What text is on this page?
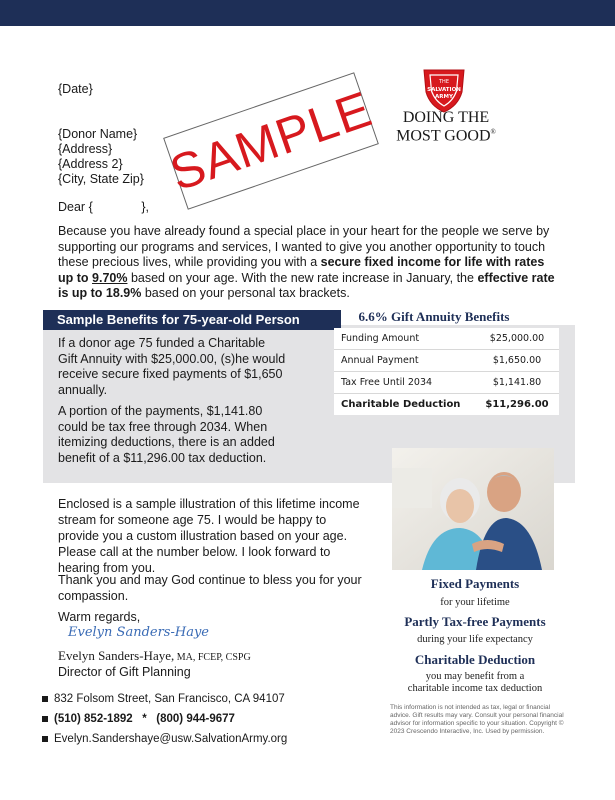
{Date}
{Donor Name}
{Address}
{Address 2}
{City, State Zip}
Dear {              },
SAMPLE	THE
SALVATION
ARMY
DOING THE
MOST GOOD®
Because you have already found a special place in your heart for the people we serve by supporting our programs and services, I wanted to give you another opportunity to touch these precious lives, while providing you with a secure fixed income for life with rates up to 9.70% based on your age. With the new rate increase in January, the effective rate is up to 18.9% based on your personal tax brackets.
Sample Benefits for 75-year-old Person
If a donor age 75 funded a Charitable Gift Annuity with $25,000.00, (s)he would receive secure fixed payments of $1,650 annually.
A portion of the payments, $1,141.80 could be tax free through 2034. When itemizing deductions, there is an added benefit of a $11,296.00 tax deduction.
6.6% Gift Annuity Benefits
Funding Amount	$25,000.00
Annual Payment	$1,650.00
Tax Free Until 2034	$1,141.80
Charitable Deduction	$11,296.00
Fixed Payments
for your lifetime
Partly Tax-free Payments
during your life expectancy
Charitable Deduction
you may benefit from a charitable income tax deduction
This information is not intended as tax, legal or financial advice. Gift results may vary. Consult your personal financial advisor for information specific to your situation. Copyright © 2023 Crescendo Interactive, Inc. Used by permission.
Enclosed is a sample illustration of this lifetime income stream for someone age 75. I would be happy to provide you a custom illustration based on your age. Please call at the number below. I look forward to hearing from you.
Thank you and may God continue to bless you for your compassion.
Warm regards,
Evelyn Sanders-Haye
Evelyn Sanders-Haye, MA, FCEP, CSPG
Director of Gift Planning
832 Folsom Street, San Francisco, CA 94107
(510) 852-1892   *   (800) 944-9677
Evelyn.Sandershaye@usw.SalvationArmy.org
